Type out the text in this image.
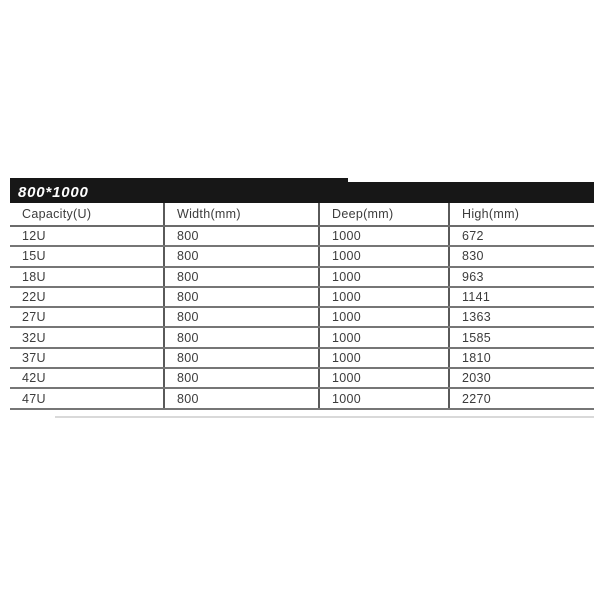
800*1000
Capacity(U)	Width(mm)	Deep(mm)	High(mm)
12U	800	1000	672
15U	800	1000	830
18U	800	1000	963
22U	800	1000	1141
27U	800	1000	1363
32U	800	1000	1585
37U	800	1000	1810
42U	800	1000	2030
47U	800	1000	2270
